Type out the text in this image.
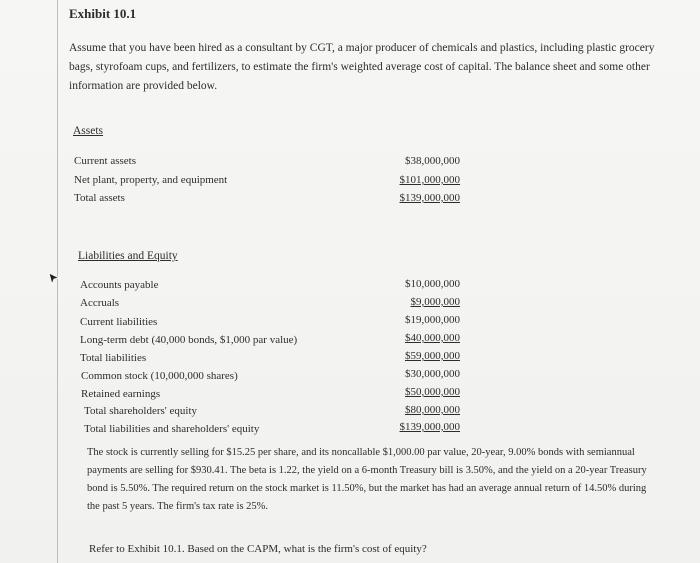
Exhibit 10.1
Assume that you have been hired as a consultant by CGT, a major producer of chemicals and plastics, including plastic grocery bags, styrofoam cups, and fertilizers, to estimate the firm's weighted average cost of capital. The balance sheet and some other information are provided below.
Assets
Current assets	$38,000,000
Net plant, property, and equipment	$101,000,000
Total assets	$139,000,000
Liabilities and Equity
Accounts payable	$10,000,000
Accruals	$9,000,000
Current liabilities	$19,000,000
Long-term debt (40,000 bonds, $1,000 par value)	$40,000,000
Total liabilities	$59,000,000
Common stock (10,000,000 shares)	$30,000,000
Retained earnings	$50,000,000
Total shareholders' equity	$80,000,000
Total liabilities and shareholders' equity	$139,000,000
The stock is currently selling for $15.25 per share, and its noncallable $1,000.00 par value, 20-year, 9.00% bonds with semiannual payments are selling for $930.41. The beta is 1.22, the yield on a 6-month Treasury bill is 3.50%, and the yield on a 20-year Treasury bond is 5.50%. The required return on the stock market is 11.50%, but the market has had an average annual return of 14.50% during the past 5 years. The firm's tax rate is 25%.
Refer to Exhibit 10.1. Based on the CAPM, what is the firm's cost of equity?
